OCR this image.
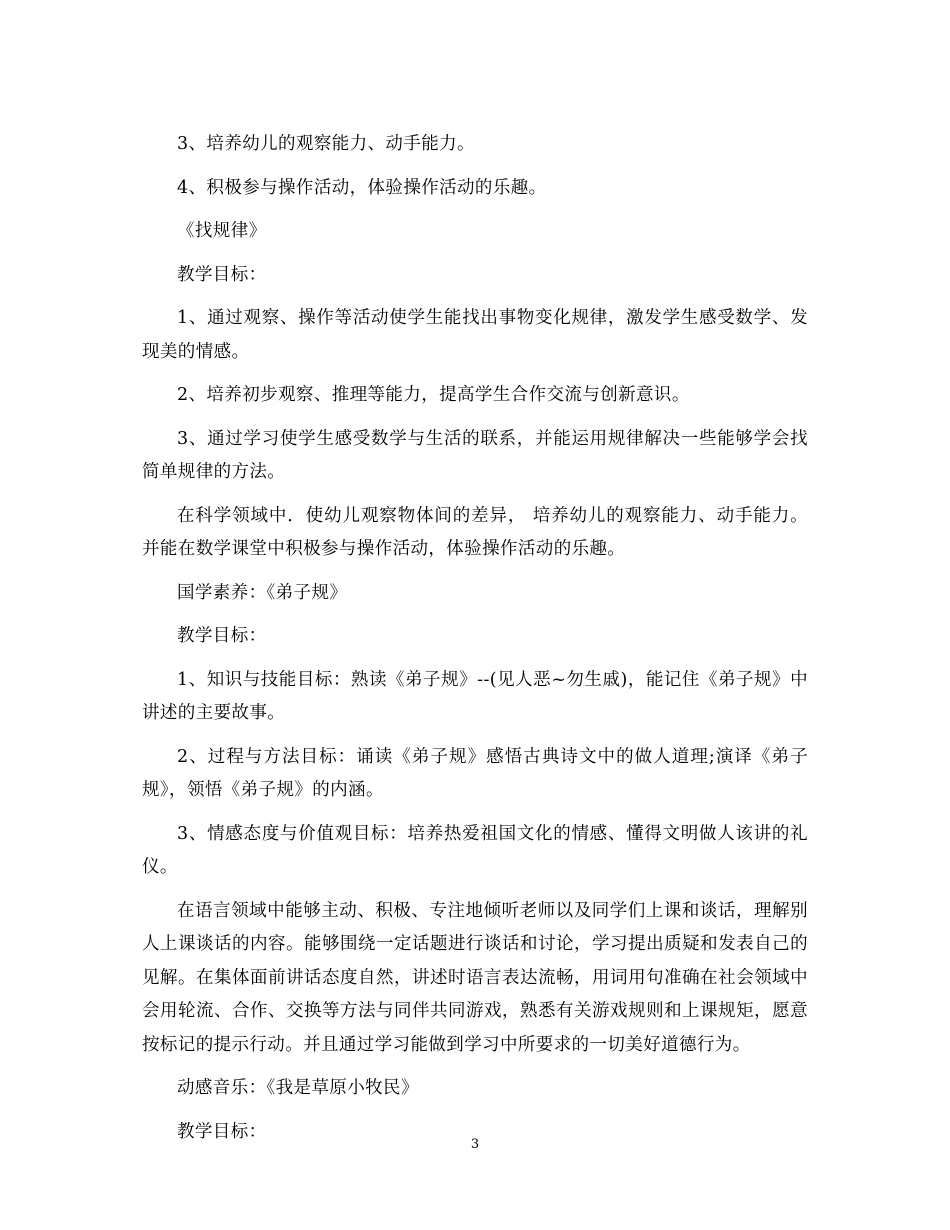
3、培养幼儿的观察能力、动手能力。

4、积极参与操作活动，体验操作活动的乐趣。

《找规律》

教学目标：

1、通过观察、操作等活动使学生能找出事物变化规律，激发学生感受数学、发现美的情感。

2、培养初步观察、推理等能力，提高学生合作交流与创新意识。

3、通过学习使学生感受数学与生活的联系，并能运用规律解决一些能够学会找简单规律的方法。

在科学领域中．使幼儿观察物体间的差异， 培养幼儿的观察能力、动手能力。并能在数学课堂中积极参与操作活动，体验操作活动的乐趣。

国学素养：《弟子规》

教学目标：

1、知识与技能目标：熟读《弟子规》--(见人恶~勿生戚)，能记住《弟子规》中讲述的主要故事。

2、过程与方法目标：诵读《弟子规》感悟古典诗文中的做人道理;演译《弟子规》，领悟《弟子规》的内涵。

3、情感态度与价值观目标：培养热爱祖国文化的情感、懂得文明做人该讲的礼仪。

在语言领域中能够主动、积极、专注地倾听老师以及同学们上课和谈话，理解别人上课谈话的内容。能够围绕一定话题进行谈话和讨论，学习提出质疑和发表自己的见解。在集体面前讲话态度自然，讲述时语言表达流畅，用词用句准确在社会领域中会用轮流、合作、交换等方法与同伴共同游戏，熟悉有关游戏规则和上课规矩，愿意按标记的提示行动。并且通过学习能做到学习中所要求的一切美好道德行为。

动感音乐：《我是草原小牧民》

教学目标：

3
